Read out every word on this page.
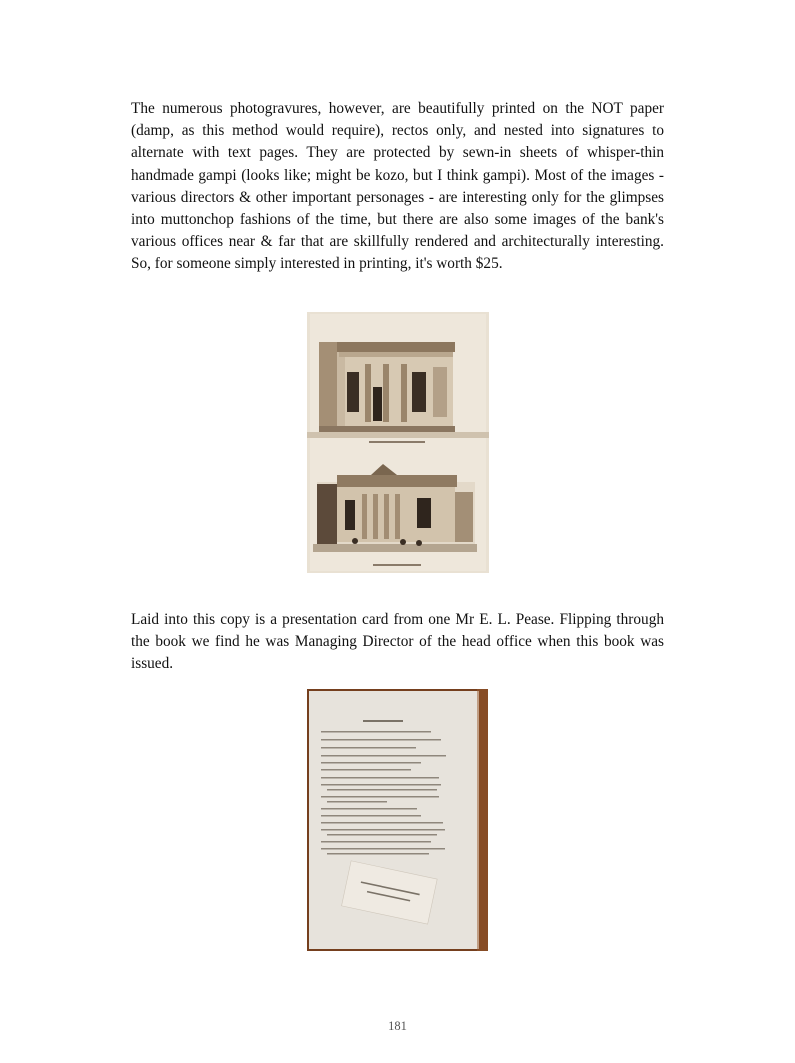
The numerous photogravures, however, are beautifully printed on the NOT paper (damp, as this method would require), rectos only, and nested into signatures to alternate with text pages. They are protected by sewn-in sheets of whisper-thin handmade gampi (looks like; might be kozo, but I think gampi). Most of the images - various directors & other important personages - are interesting only for the glimpses into muttonchop fashions of the time, but there are also some images of the bank's various offices near & far that are skillfully rendered and architecturally interesting. So, for someone simply interested in printing, it's worth $25.

Laid into this copy is a presentation card from one Mr E. L. Pease. Flipping through the book we find he was Managing Director of the head office when this book was issued.

181
